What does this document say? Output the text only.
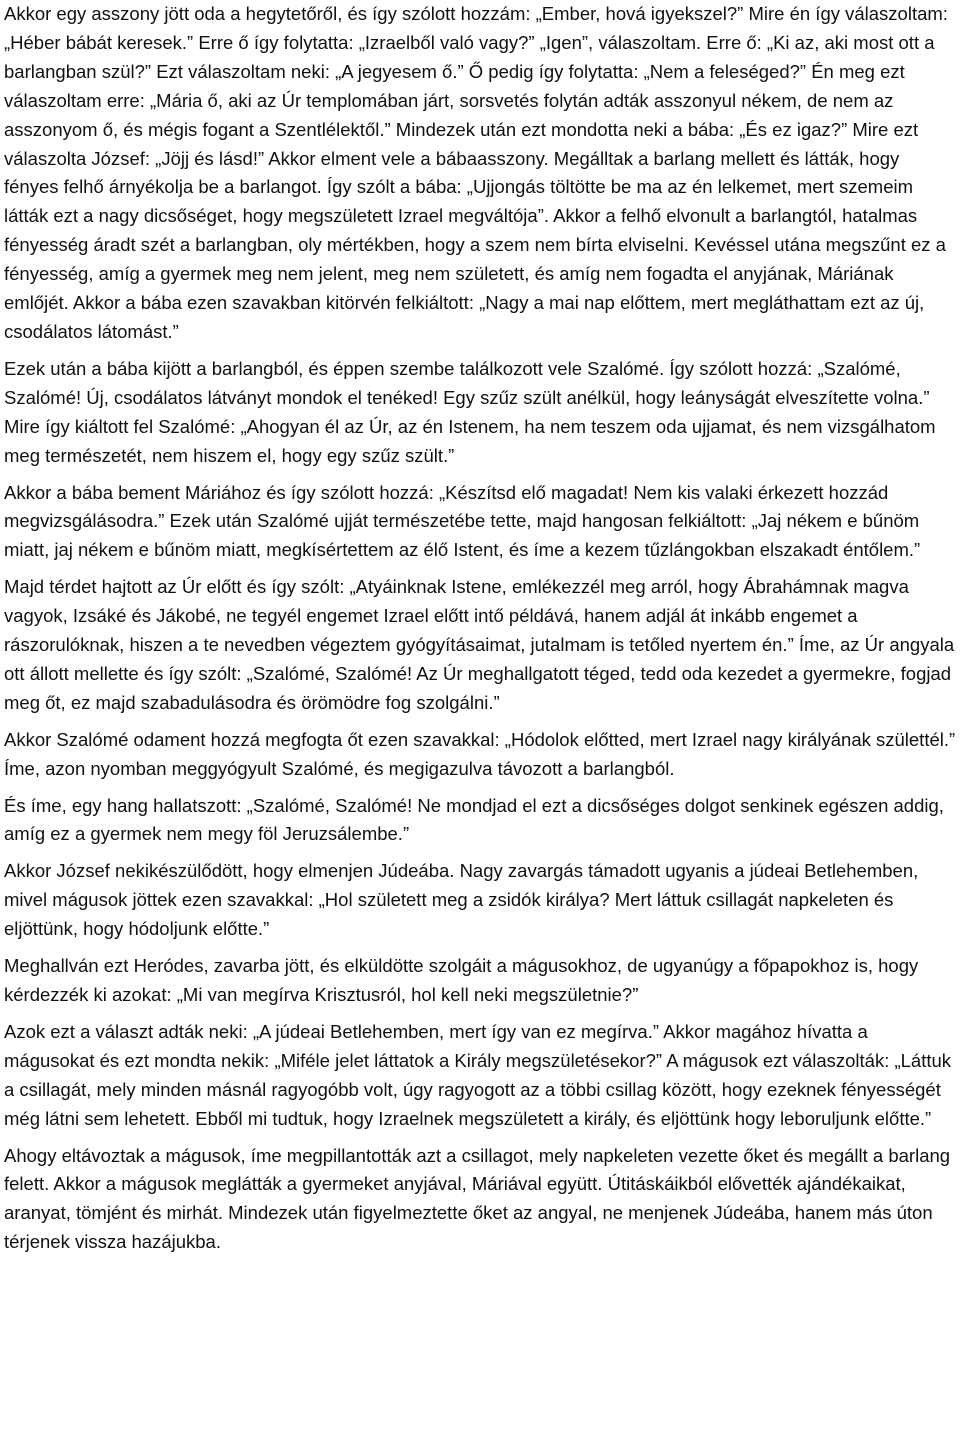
Akkor egy asszony jött oda a hegytetőről, és így szólott hozzám: „Ember, hová igyekszel?” Mire én így válaszoltam: „Héber bábát keresek.” Erre ő így folytatta: „Izraelből való vagy?” „Igen”, válaszoltam. Erre ő: „Ki az, aki most ott a barlangban szül?” Ezt válaszoltam neki: „A jegyesem ő.” Ő pedig így folytatta: „Nem a feleséged?” Én meg ezt válaszoltam erre: „Mária ő, aki az Úr templomában járt, sorsvetés folytán adták asszonyul nékem, de nem az asszonyom ő, és mégis fogant a Szentlélektől.” Mindezek után ezt mondotta neki a bába: „És ez igaz?” Mire ezt válaszolta József: „Jöjj és lásd!” Akkor elment vele a bábaasszony. Megálltak a barlang mellett és látták, hogy fényes felhő árnyékolja be a barlangot. Így szólt a bába: „Ujjongás töltötte be ma az én lelkemet, mert szemeim látták ezt a nagy dicsőséget, hogy megszületett Izrael megváltója”. Akkor a felhő elvonult a barlangtól, hatalmas fényesség áradt szét a barlangban, oly mértékben, hogy a szem nem bírta elviselni. Kevéssel utána megszűnt ez a fényesség, amíg a gyermek meg nem jelent, meg nem született, és amíg nem fogadta el anyjának, Máriának emlőjét. Akkor a bába ezen szavakban kitörvén felkiáltott: „Nagy a mai nap előttem, mert megláthattam ezt az új, csodálatos látomást.”

Ezek után a bába kijött a barlangból, és éppen szembe találkozott vele Szalómé. Így szólott hozzá: „Szalómé, Szalómé! Új, csodálatos látványt mondok el tenéked! Egy szűz szült anélkül, hogy leányságát elveszítette volna.” Mire így kiáltott fel Szalómé: „Ahogyan él az Úr, az én Istenem, ha nem teszem oda ujjamat, és nem vizsgálhatom meg természetét, nem hiszem el, hogy egy szűz szült.”

Akkor a bába bement Máriához és így szólott hozzá: „Készítsd elő magadat! Nem kis valaki érkezett hozzád megvizsgálásodra.” Ezek után Szalómé ujját természetébe tette, majd hangosan felkiáltott: „Jaj nékem e bűnöm miatt, jaj nékem e bűnöm miatt, megkísértettem az élő Istent, és íme a kezem tűzlángokban elszakadt éntőlem.”

Majd térdet hajtott az Úr előtt és így szólt: „Atyáinknak Istene, emlékezzél meg arról, hogy Ábrahámnak magva vagyok, Izsáké és Jákobé, ne tegyél engemet Izrael előtt intő példává, hanem adjál át inkább engemet a rászorulóknak, hiszen a te nevedben végeztem gyógyításaimat, jutalmam is tetőled nyertem én.” Íme, az Úr angyala ott állott mellette és így szólt: „Szalómé, Szalómé! Az Úr meghallgatott téged, tedd oda kezedet a gyermekre, fogjad meg őt, ez majd szabadulásodra és örömödre fog szolgálni.”

Akkor Szalómé odament hozzá megfogta őt ezen szavakkal: „Hódolok előtted, mert Izrael nagy királyának születtél.” Íme, azon nyomban meggyógyult Szalómé, és megigazulva távozott a barlangból.

És íme, egy hang hallatszott: „Szalómé, Szalómé! Ne mondjad el ezt a dicsőséges dolgot senkinek egészen addig, amíg ez a gyermek nem megy föl Jeruzsálembe.”

Akkor József nekikészülődött, hogy elmenjen Júdeába. Nagy zavargás támadott ugyanis a júdeai Betlehemben, mivel mágusok jöttek ezen szavakkal: „Hol született meg a zsidók királya? Mert láttuk csillagát napkeleten és eljöttünk, hogy hódoljunk előtte.”

Meghallván ezt Heródes, zavarba jött, és elküldötte szolgáit a mágusokhoz, de ugyanúgy a főpapokhoz is, hogy kérdezzék ki azokat: „Mi van megírva Krisztusról, hol kell neki megszületnie?”

Azok ezt a választ adták neki: „A júdeai Betlehemben, mert így van ez megírva.” Akkor magához hívatta a mágusokat és ezt mondta nekik: „Miféle jelet láttatok a Király megszületésekor?” A mágusok ezt válaszolták: „Láttuk a csillagát, mely minden másnál ragyogóbb volt, úgy ragyogott az a többi csillag között, hogy ezeknek fényességét még látni sem lehetett. Ebből mi tudtuk, hogy Izraelnek megszületett a király, és eljöttünk hogy leboruljunk előtte.”

Ahogy eltávoztak a mágusok, íme megpillantották azt a csillagot, mely napkeleten vezette őket és megállt a barlang felett. Akkor a mágusok meglátták a gyermeket anyjával, Máriával együtt. Útitáskáikból elővették ajándékaikat, aranyat, tömjént és mirhát. Mindezek után figyelmeztette őket az angyal, ne menjenek Júdeába, hanem más úton térjenek vissza hazájukba.
